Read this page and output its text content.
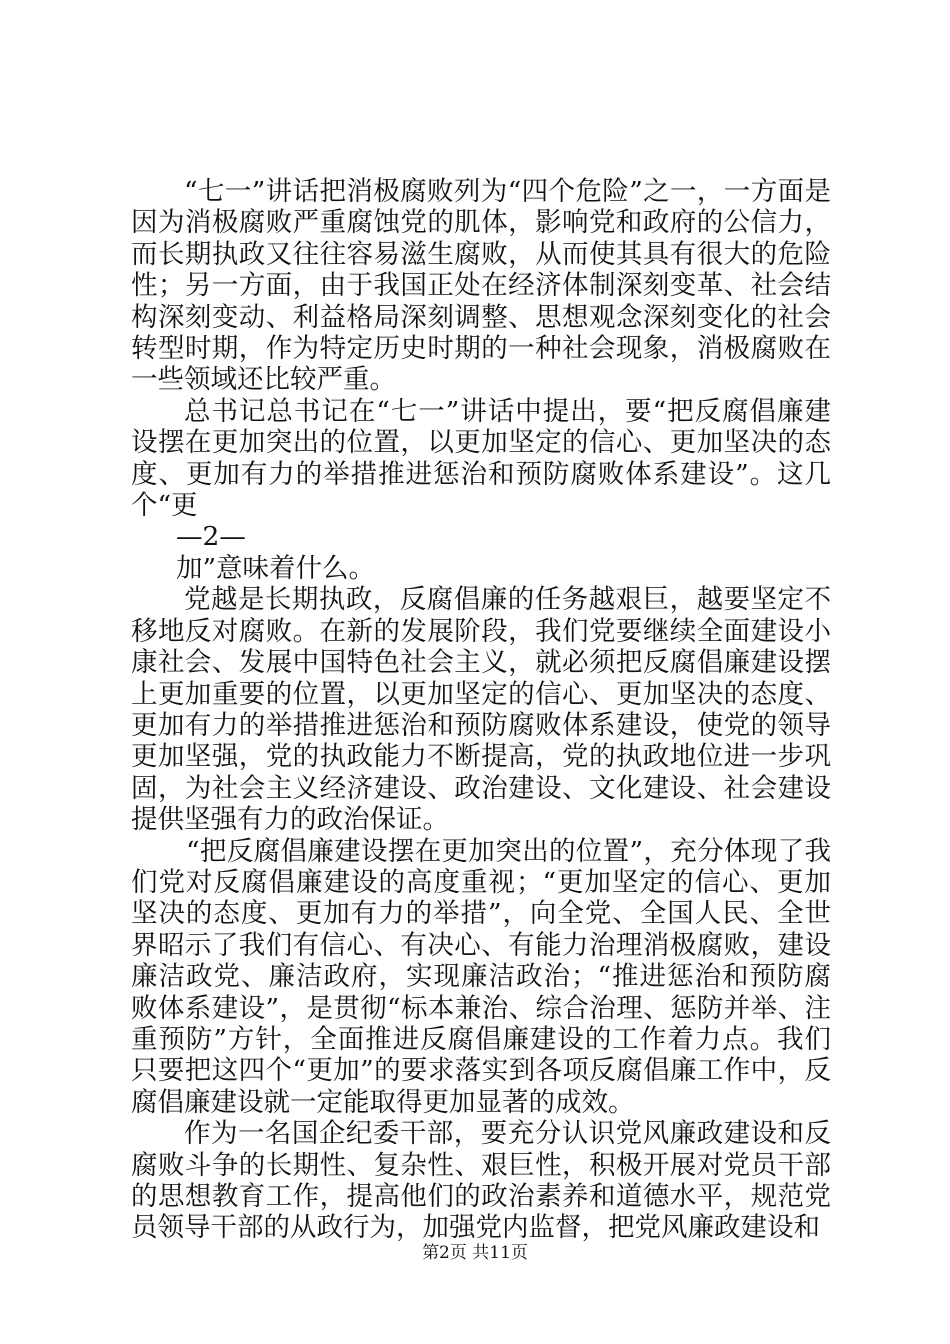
“七一”讲话把消极腐败列为“四个危险”之一，一方面是因为消极腐败严重腐蚀党的肌体，影响党和政府的公信力，而长期执政又往往容易滋生腐败，从而使其具有很大的危险性；另一方面，由于我国正处在经济体制深刻变革、社会结构深刻变动、利益格局深刻调整、思想观念深刻变化的社会转型时期，作为特定历史时期的一种社会现象，消极腐败在一些领域还比较严重。

总书记总书记在“七一”讲话中提出，要“把反腐倡廉建设摆在更加突出的位置，以更加坚定的信心、更加坚决的态度、更加有力的举措推进惩治和预防腐败体系建设”。这几个“更

—2—

加”意味着什么。

党越是长期执政，反腐倡廉的任务越艰巨，越要坚定不移地反对腐败。在新的发展阶段，我们党要继续全面建设小康社会、发展中国特色社会主义，就必须把反腐倡廉建设摆上更加重要的位置，以更加坚定的信心、更加坚决的态度、更加有力的举措推进惩治和预防腐败体系建设，使党的领导更加坚强，党的执政能力不断提高，党的执政地位进一步巩固，为社会主义经济建设、政治建设、文化建设、社会建设提供坚强有力的政治保证。

“把反腐倡廉建设摆在更加突出的位置”，充分体现了我们党对反腐倡廉建设的高度重视；“更加坚定的信心、更加坚决的态度、更加有力的举措”，向全党、全国人民、全世界昭示了我们有信心、有决心、有能力治理消极腐败，建设廉洁政党、廉洁政府，实现廉洁政治；“推进惩治和预防腐败体系建设”，是贯彻“标本兼治、综合治理、惩防并举、注重预防”方针，全面推进反腐倡廉建设的工作着力点。我们只要把这四个“更加”的要求落实到各项反腐倡廉工作中，反腐倡廉建设就一定能取得更加显著的成效。

作为一名国企纪委干部，要充分认识党风廉政建设和反腐败斗争的长期性、复杂性、艰巨性，积极开展对党员干部的思想教育工作，提高他们的政治素养和道德水平，规范党员领导干部的从政行为，加强党内监督，把党风廉政建设和

第2页 共11页
